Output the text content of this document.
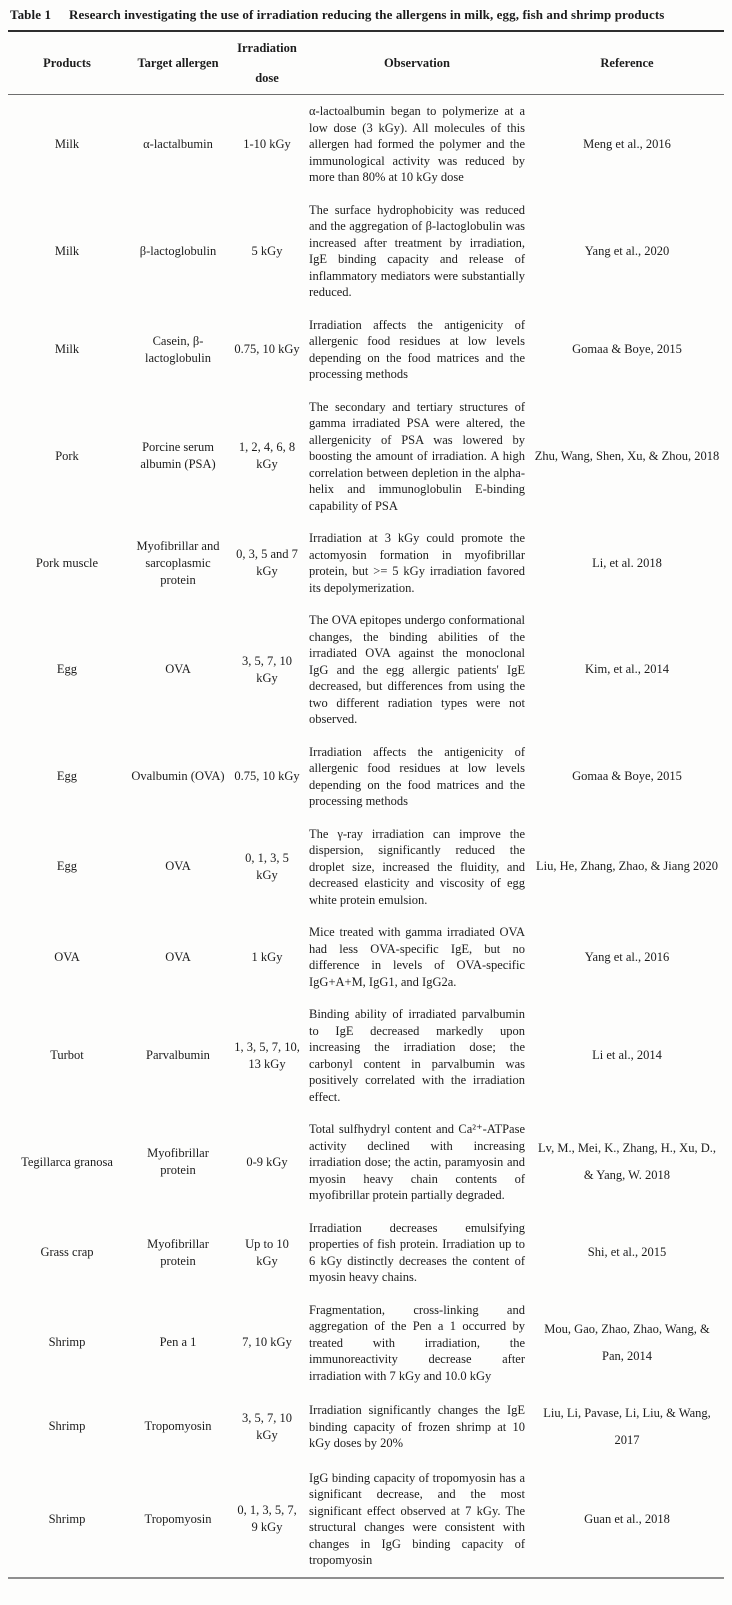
Table 1 Research investigating the use of irradiation reducing the allergens in milk, egg, fish and shrimp products
Products	Target allergen	Irradiation dose	Observation	Reference
Milk	α-lactalbumin	1-10 kGy	α-lactoalbumin began to polymerize at a low dose (3 kGy). All molecules of this allergen had formed the polymer and the immunological activity was reduced by more than 80% at 10 kGy dose	Meng et al., 2016
Milk	β-lactoglobulin	5 kGy	The surface hydrophobicity was reduced and the aggregation of β-lactoglobulin was increased after treatment by irradiation, IgE binding capacity and release of inflammatory mediators were substantially reduced.	Yang et al., 2020
Milk	Casein, β-lactoglobulin	0.75, 10 kGy	Irradiation affects the antigenicity of allergenic food residues at low levels depending on the food matrices and the processing methods	Gomaa & Boye, 2015
Pork	Porcine serum albumin (PSA)	1, 2, 4, 6, 8 kGy	The secondary and tertiary structures of gamma irradiated PSA were altered, the allergenicity of PSA was lowered by boosting the amount of irradiation. A high correlation between depletion in the alpha-helix and immunoglobulin E-binding capability of PSA	Zhu, Wang, Shen, Xu, & Zhou, 2018
Pork muscle	Myofibrillar and sarcoplasmic protein	0, 3, 5 and 7 kGy	Irradiation at 3 kGy could promote the actomyosin formation in myofibrillar protein, but >= 5 kGy irradiation favored its depolymerization.	Li, et al. 2018
Egg	OVA	3, 5, 7, 10 kGy	The OVA epitopes undergo conformational changes, the binding abilities of the irradiated OVA against the monoclonal IgG and the egg allergic patients' IgE decreased, but differences from using the two different radiation types were not observed.	Kim, et al., 2014
Egg	Ovalbumin (OVA)	0.75, 10 kGy	Irradiation affects the antigenicity of allergenic food residues at low levels depending on the food matrices and the processing methods	Gomaa & Boye, 2015
Egg	OVA	0, 1, 3, 5 kGy	The γ-ray irradiation can improve the dispersion, significantly reduced the droplet size, increased the fluidity, and decreased elasticity and viscosity of egg white protein emulsion.	Liu, He, Zhang, Zhao, & Jiang 2020
OVA	OVA	1 kGy	Mice treated with gamma irradiated OVA had less OVA-specific IgE, but no difference in levels of OVA-specific IgG+A+M, IgG1, and IgG2a.	Yang et al., 2016
Turbot	Parvalbumin	1, 3, 5, 7, 10, 13 kGy	Binding ability of irradiated parvalbumin to IgE decreased markedly upon increasing the irradiation dose; the carbonyl content in parvalbumin was positively correlated with the irradiation effect.	Li et al., 2014
Tegillarca granosa	Myofibrillar protein	0-9 kGy	Total sulfhydryl content and Ca²⁺-ATPase activity declined with increasing irradiation dose; the actin, paramyosin and myosin heavy chain contents of myofibrillar protein partially degraded.	Lv, M., Mei, K., Zhang, H., Xu, D., & Yang, W. 2018
Grass crap	Myofibrillar protein	Up to 10 kGy	Irradiation decreases emulsifying properties of fish protein. Irradiation up to 6 kGy distinctly decreases the content of myosin heavy chains.	Shi, et al., 2015
Shrimp	Pen a 1	7, 10 kGy	Fragmentation, cross-linking and aggregation of the Pen a 1 occurred by treated with irradiation, the immunoreactivity decrease after irradiation with 7 kGy and 10.0 kGy	Mou, Gao, Zhao, Zhao, Wang, & Pan, 2014
Shrimp	Tropomyosin	3, 5, 7, 10 kGy	Irradiation significantly changes the IgE binding capacity of frozen shrimp at 10 kGy doses by 20%	Liu, Li, Pavase, Li, Liu, & Wang, 2017
Shrimp	Tropomyosin	0, 1, 3, 5, 7, 9 kGy	IgG binding capacity of tropomyosin has a significant decrease, and the most significant effect observed at 7 kGy. The structural changes were consistent with changes in IgG binding capacity of tropomyosin	Guan et al., 2018
